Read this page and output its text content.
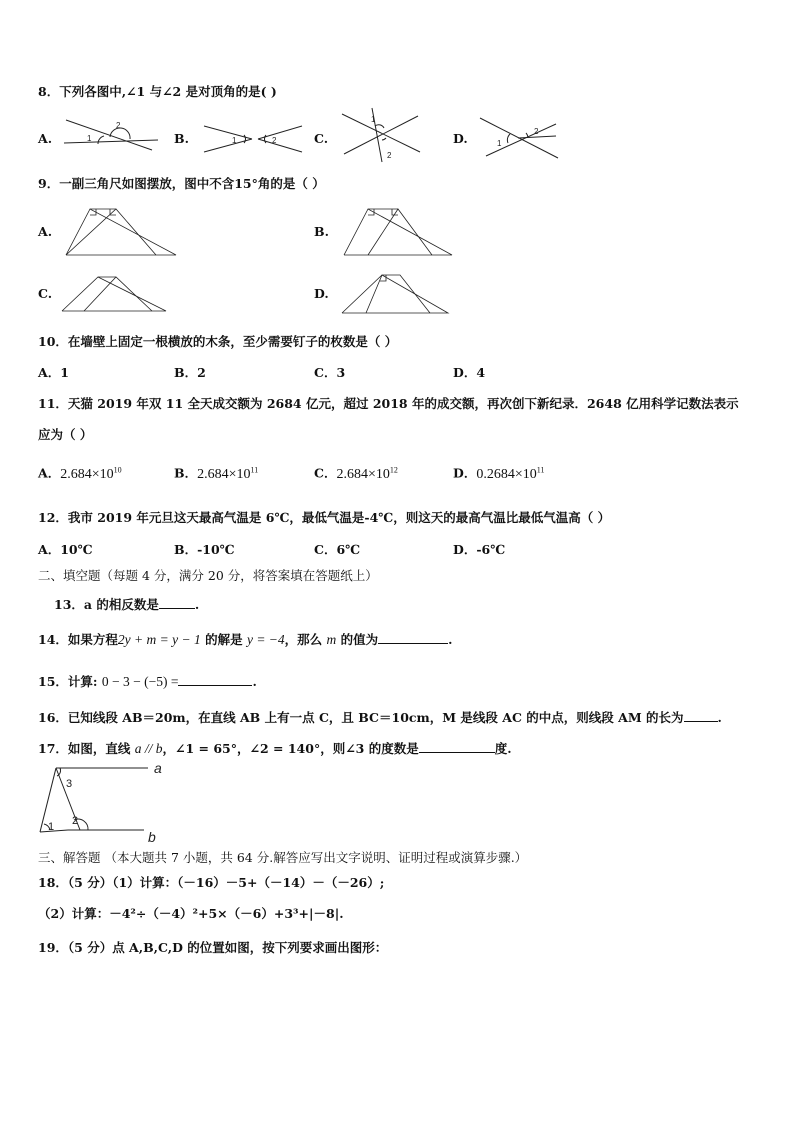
8．下列各图中,∠1 与∠2 是对顶角的是( )
A.	1
2
B.	1	2	C.
1
2
D.	1
2
9．一副三角尺如图摆放，图中不含15°角的是（ ）
A.	B.
C.	D.
10．在墙壁上固定一根横放的木条，至少需要钉子的枚数是（ ）
A．1	B．2	C．3	D．4
11．天猫 2019 年双 11 全天成交额为 2684 亿元，超过 2018 年的成交额，再次创下新纪录．2648 亿用科学记数法表示
应为（ ）
A．$2.684\times 10^{10}$	B．$2.684\times 10^{11}$	C．$2.684\times 10^{12}$	D．$0.2684\times 10^{11}$
12．我市 2019 年元旦这天最高气温是 6℃，最低气温是-4℃，则这天的最高气温比最低气温高（ ）
A．10℃	B．-10℃	C．6℃	D．-6℃
二、填空题（每题 4 分，满分 20 分，将答案填在答题纸上）
13．a 的相反数是	.
14．如果方程2y + m = y − 1 的解是 y = −4，那么 m 的值为	.
15．计算: 0 − 3 − (−5) =	.
16．已知线段 AB＝20m，在直线 AB 上有一点 C，且 BC＝10cm，M 是线段 AC 的中点，则线段 AM 的长为	.
17．如图，直线 a // b，∠1 = 65°，∠2 = 140°，则∠3 的度数是	度.
a
b
3
1 2
三、解答题 （本大题共 7 小题，共 64 分.解答应写出文字说明、证明过程或演算步骤.）
18．（5 分）（1）计算：（－16）－5+（－14）－（－26）;
（2）计算：－4²÷（－4）²+5×（－6）+3³+|－8|.
19．（5 分）点 A,B,C,D 的位置如图，按下列要求画出图形：
